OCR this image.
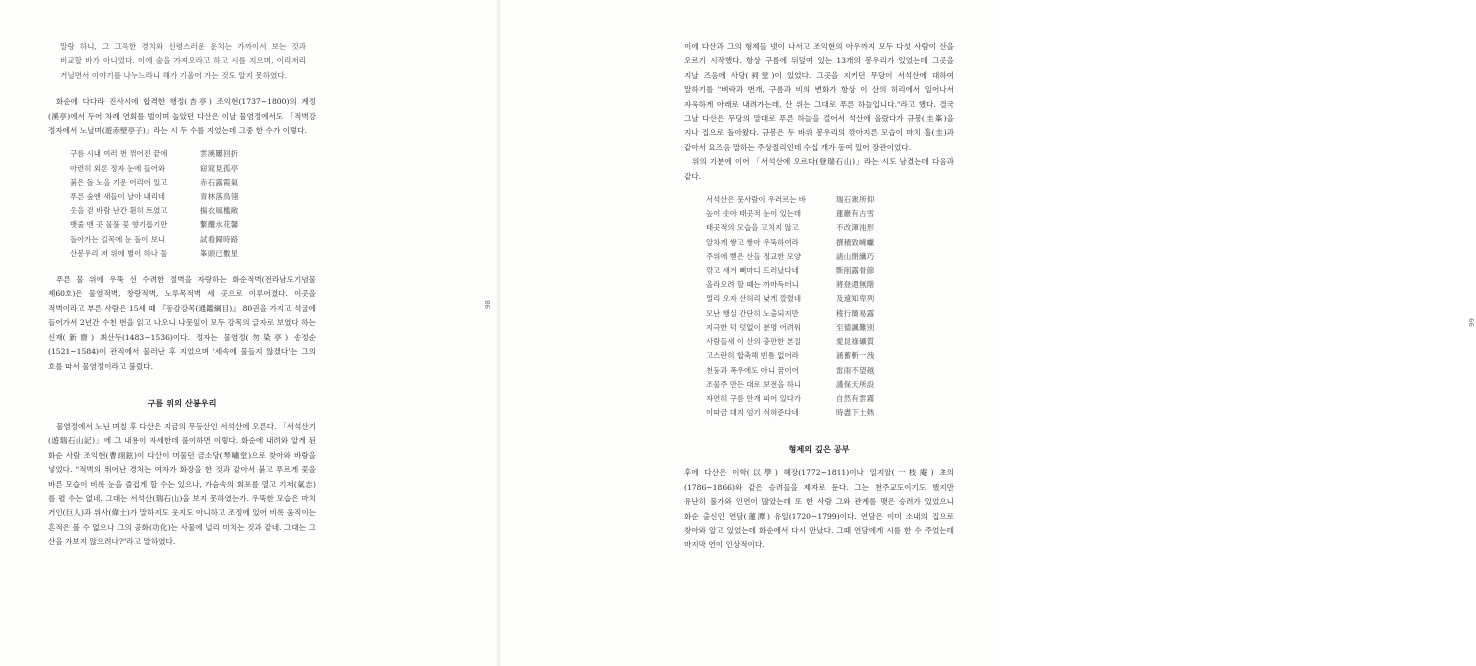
말랑 하니, 그 그윽한 경치와 신령스러운 운치는 가까이서 보는 것과 비교할 바가 아니었다. 이에 술을 가져오라고 하고 시를 지으며, 이리저리 거닐면서 이야기를 나누느라니 해가 기울어 가는 것도 알지 못하였다.

화순에 다다라 진사시에 합격한 행정(杏亭) 조익현(1737~1800)의 계정(溪亭)에서 두어 차례 연회를 벌이며 놀았던 다산은 이날 물염정에서도 「적벽강 정자에서 노닐며(遊赤壁亭子)」라는 시 두 수를 지었는데 그중 한 수가 이렇다.

구름 시내 여러 번 꺾어진 끝에	雲溪屢回折
아련히 외론 정자 눈에 들어와	窈窕見孤亭
붉은 돌 노을 기운 어리어 있고	赤石露霞氣
푸른 숲엔 새들이 날아 내리네	青林落鳥翎
옷을 걷 바람 난간 휜히 트였고	揚衣風檻敞
뱃줄 맨 곳 물풀 꽃 향기롭기만	繫纜水花馨
돌아가는 길목에 눈 돌이 보니	試看歸時路
산봉우리 저 위에 별이 하나 둘	峯頭已數星

푸른 물 위에 우뚝 선 수려한 절벽을 자랑하는 화순적벽(전라남도기념물 제60호)은 물염적벽, 창랑적벽, 노루목적벽 세 곳으로 이루어졌다. 이곳을 적벽이라고 부른 사람은 15세 때 『동감강목(通鑑綱目)』 80권을 가지고 석굴에 들어가서 2년간 수천 번을 읽고 나오니 나뭇잎이 모두 강목의 글자로 보였다 하는 신재(新齋) 최산두(1483~1536)이다. 정자는 물염정(勿染亭) 송정순(1521~1584)이 관직에서 물러난 후 지었으며 '세속에 물들지 않겠다'는 그의 호를 따서 물염정이라고 불렀다.

구름 위의 산봉우리

물염정에서 노닌 며칠 후 다산은 지금의 무등산인 서석산에 오른다. 「서석산기(遊瑞石山記)」에 그 내용이 자세한데 풀이하면 이렇다. 화순에 내려와 알게 된 화순 사람 조익현(曹翊鉉)이 다산이 머물던 금소당(琴嘯堂)으로 찾아와 바람을 넣었다. "적벽의 뛰어난 경치는 여자가 화장을 한 것과 같아서 붉고 푸르게 꽃을 바른 모습이 비록 눈을 즐겁게 할 수는 있으나, 가슴속의 회포를 열고 기저(氣志)를 펼 수는 없네. 그대는 서석산(瑞石山)을 보지 못하였는가. 우뚝한 모습은 마치 거인(巨人)과 위사(偉士)가 말하지도 웃지도 아니하고 조정에 있어 비록 움직이는 흔적은 볼 수 없으나 그의 공화(功化)는 사물에 널리 미치는 것과 같네. 그대는 그 산을 가보지 않으려나?"라고 말하였다.

98

이에 다산과 그의 형제들 넷이 나서고 조익현의 아우까지 모두 다섯 사람이 산을 오르기 시작했다. 항상 구름에 뒤덮여 있는 13개의 봉우리가 있었는데 그곳을 지날 즈음에 사당(祠堂)이 있었다. 그곳을 지키던 무당이 서석산에 대하여 말하기를 "벼락과 번개, 구름과 비의 변화가 항상 이 산의 허리에서 일어나서 자욱하게 아래로 내려가는데, 산 위는 그대로 푸른 하늘입니다."라고 했다. 결국 그날 다산은 무당의 말대로 푸른 하늘을 걸어서 석산에 올랐다가 규봉(圭峯)을 지나 집으로 돌아왔다. 규봉은 두 바위 봉우리의 깎아지른 모습이 마치 홀(圭)과 같아서 요즈음 말하는 주상절리인데 수십 개가 동여 있어 장관이었다.

위의 기분에 이어 「서석산에 오르다(登瑞石山)」라는 시도 남겼는데 다음과 같다.

서석산은 뭇사람이 우러르는 바	瑞石衆所仰
높이 솟아 태곳적 눈이 있는데	蓮巖有古雪
태곳적의 모습을 고치지 않고	不改渾沌形
알차게 쌓고 쌓아 우뚝하여라	撰積致嶢巘
주위에 뻗은 산들 정교한 모양	諸山閉纖巧
깎고 새겨 뼈마디 드러났다네	斲削露骨節
올라오려 할 때는 까마득터니	將登還無階
멀리 오자 산허리 낮게 깔렸네	及遠知卑列
모난 행실 간단히 노출되지만	稜行簡易露
지극한 덕 덧없이 분명 어려워	至德諷難別
사람들새 이 산의 충만한 본질	愛昆祿礦質
고스란히 합축해 빈틈 없어라	涵蓄斬一洩
천둥과 폭우에도 아니 꿈이어	雷雨不望越
조물주 만든 대로 보전을 하니	謹保天所設
자연히 구름 안개 피어 있다가	自然有雲霧
이따금 대지 엄기 식혀준다네	時盡下土熱
형제의 깊은 공부

후에 다산은 이학(以學) 혜장(1772~1811)이나 일지암(一枝庵) 초의(1786~1866)와 같은 승려들을 제자로 둔다. 그는 천주교도이기도 했지만 유난히 불가와 인연이 많았는데 또 한 사람 그와 관계를 맺은 승려가 있었으니 화순 출신인 연담(蓮潭) 유일(1720~1799)이다. 연담은 이미 소내의 집으로 찾아와 알고 있었는데 화순에서 다시 만났다. 그때 연담에게 시를 한 수 주었는데 마지막 연이 인상적이다.

99
